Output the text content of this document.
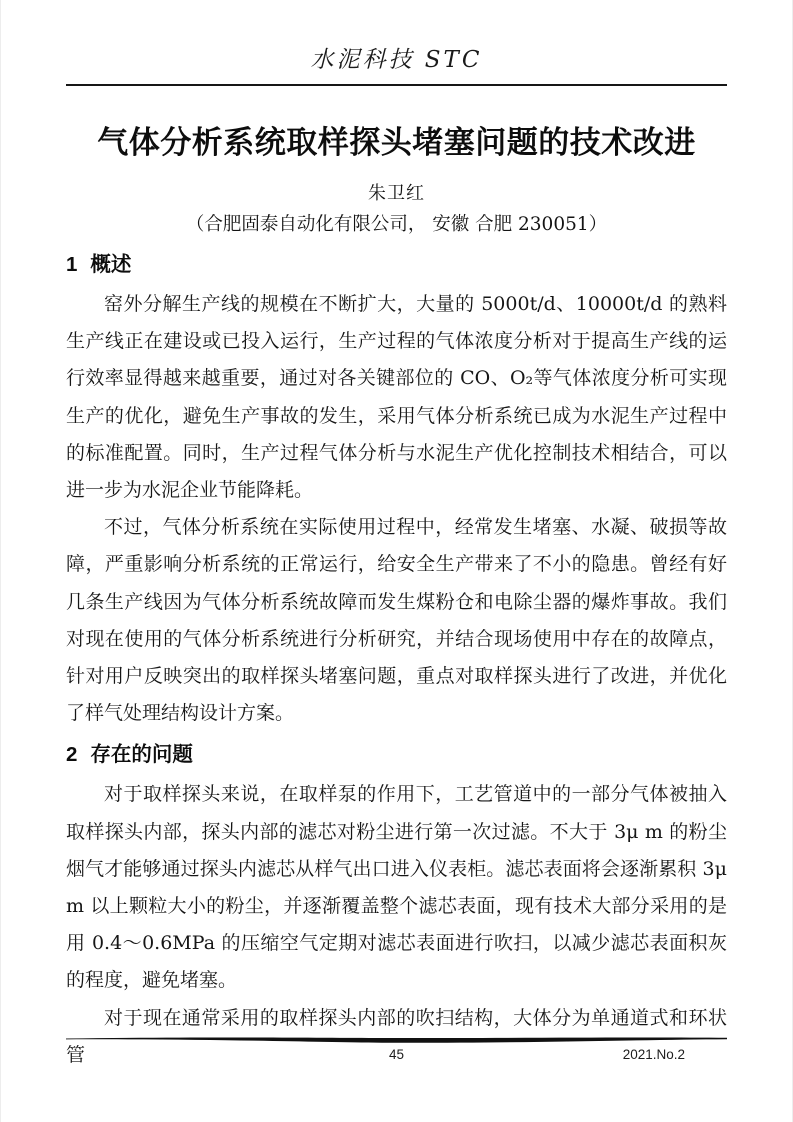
水泥科技 STC
气体分析系统取样探头堵塞问题的技术改进
朱卫红
（合肥固泰自动化有限公司， 安徽 合肥 230051）
1 概述

窑外分解生产线的规模在不断扩大，大量的 5000t/d、10000t/d 的熟料生产线正在建设或已投入运行，生产过程的气体浓度分析对于提高生产线的运行效率显得越来越重要，通过对各关键部位的 CO、O₂等气体浓度分析可实现生产的优化，避免生产事故的发生，采用气体分析系统已成为水泥生产过程中的标准配置。同时，生产过程气体分析与水泥生产优化控制技术相结合，可以进一步为水泥企业节能降耗。

不过，气体分析系统在实际使用过程中，经常发生堵塞、水凝、破损等故障，严重影响分析系统的正常运行，给安全生产带来了不小的隐患。曾经有好几条生产线因为气体分析系统故障而发生煤粉仓和电除尘器的爆炸事故。我们对现在使用的气体分析系统进行分析研究，并结合现场使用中存在的故障点，针对用户反映突出的取样探头堵塞问题，重点对取样探头进行了改进，并优化了样气处理结构设计方案。

2 存在的问题

对于取样探头来说，在取样泵的作用下，工艺管道中的一部分气体被抽入取样探头内部，探头内部的滤芯对粉尘进行第一次过滤。不大于 3μ m 的粉尘烟气才能够通过探头内滤芯从样气出口进入仪表柜。滤芯表面将会逐渐累积 3μ m 以上颗粒大小的粉尘，并逐渐覆盖整个滤芯表面，现有技术大部分采用的是用 0.4～0.6MPa 的压缩空气定期对滤芯表面进行吹扫，以减少滤芯表面积灰的程度，避免堵塞。

对于现在通常采用的取样探头内部的吹扫结构，大体分为单通道式和环状管	45	2021.No.2
